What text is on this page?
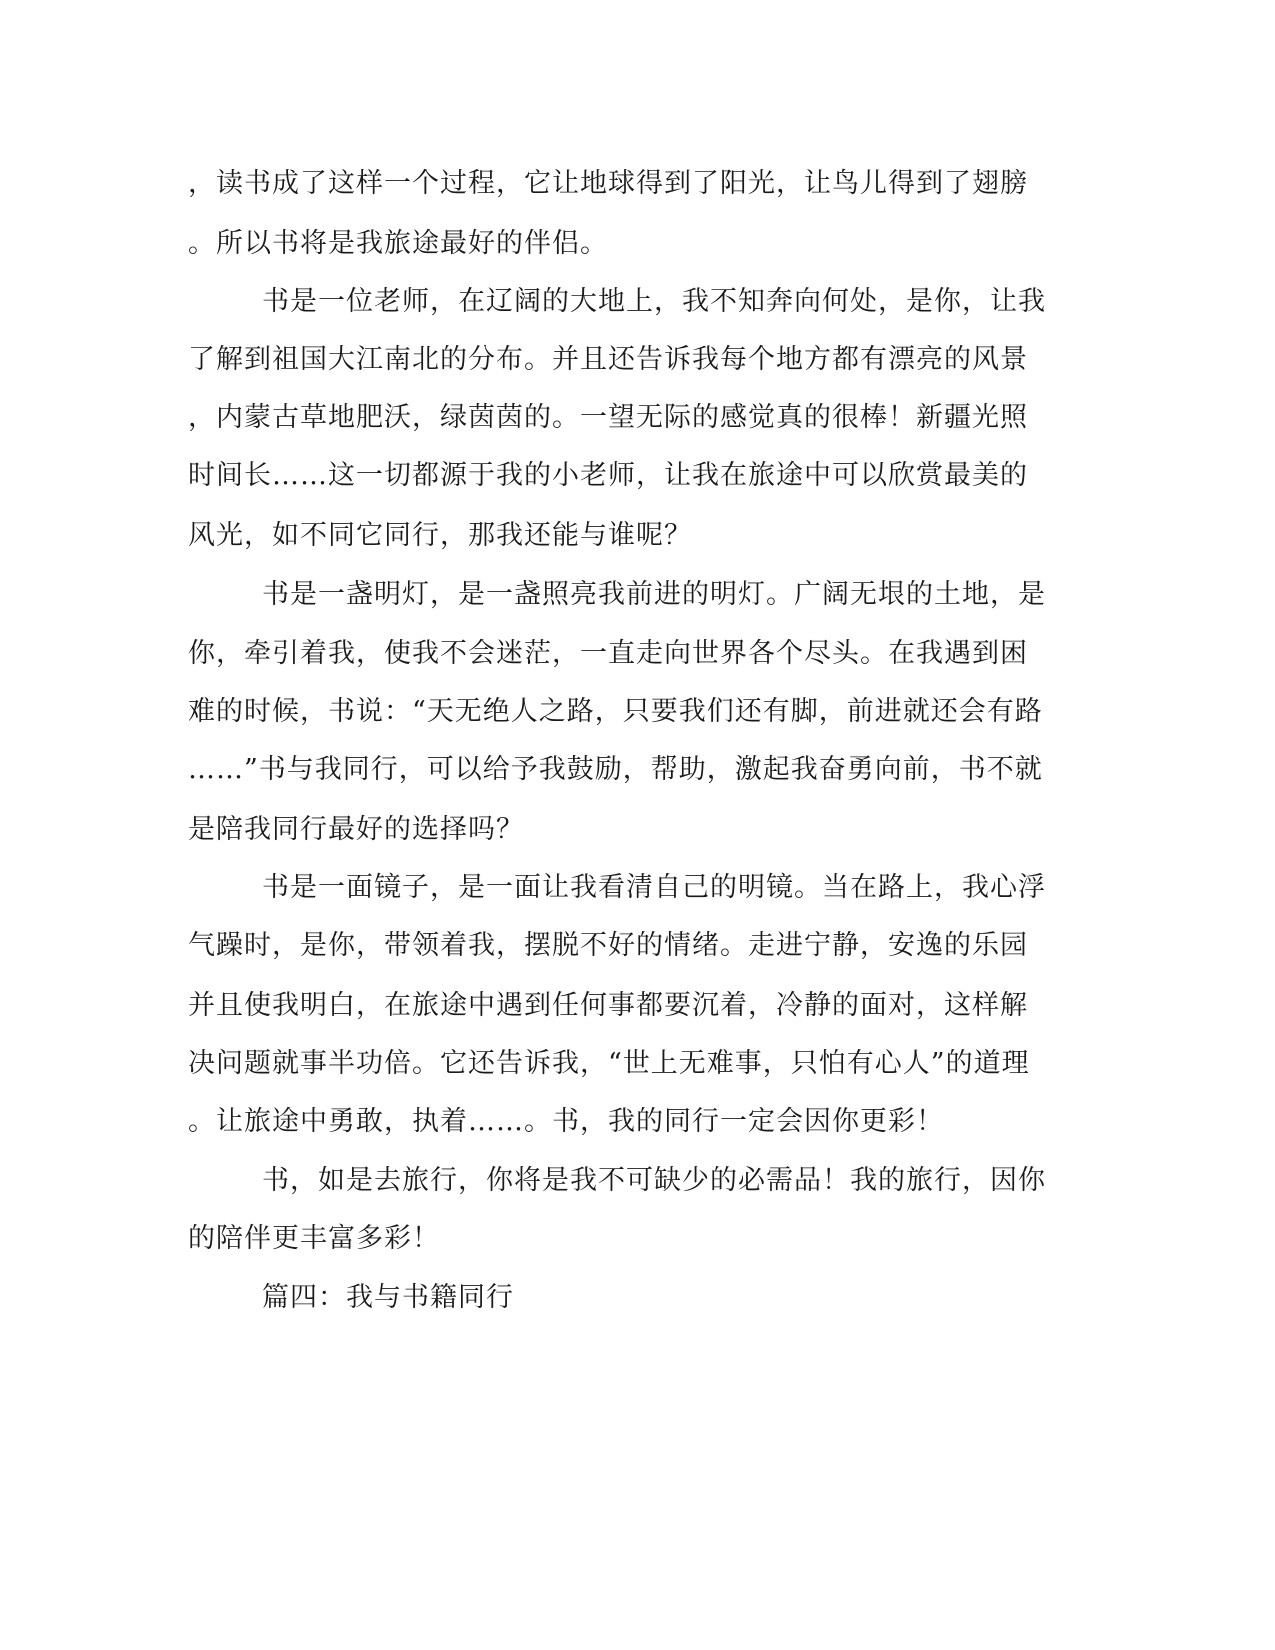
，读书成了这样一个过程，它让地球得到了阳光，让鸟儿得到了翅膀
。所以书将是我旅途最好的伴侣。
书是一位老师，在辽阔的大地上，我不知奔向何处，是你，让我
了解到祖国大江南北的分布。并且还告诉我每个地方都有漂亮的风景
，内蒙古草地肥沃，绿茵茵的。一望无际的感觉真的很棒！新疆光照
时间长……这一切都源于我的小老师，让我在旅途中可以欣赏最美的
风光，如不同它同行，那我还能与谁呢？
书是一盏明灯，是一盏照亮我前进的明灯。广阔无垠的土地，是
你，牵引着我，使我不会迷茫，一直走向世界各个尽头。在我遇到困
难的时候，书说：“天无绝人之路，只要我们还有脚，前进就还会有路
……”书与我同行，可以给予我鼓励，帮助，激起我奋勇向前，书不就
是陪我同行最好的选择吗？
书是一面镜子，是一面让我看清自己的明镜。当在路上，我心浮
气躁时，是你，带领着我，摆脱不好的情绪。走进宁静，安逸的乐园
并且使我明白，在旅途中遇到任何事都要沉着，冷静的面对，这样解
决问题就事半功倍。它还告诉我，“世上无难事，只怕有心人”的道理
。让旅途中勇敢，执着……。书，我的同行一定会因你更彩！
书，如是去旅行，你将是我不可缺少的必需品！我的旅行，因你
的陪伴更丰富多彩！
篇四：我与书籍同行
